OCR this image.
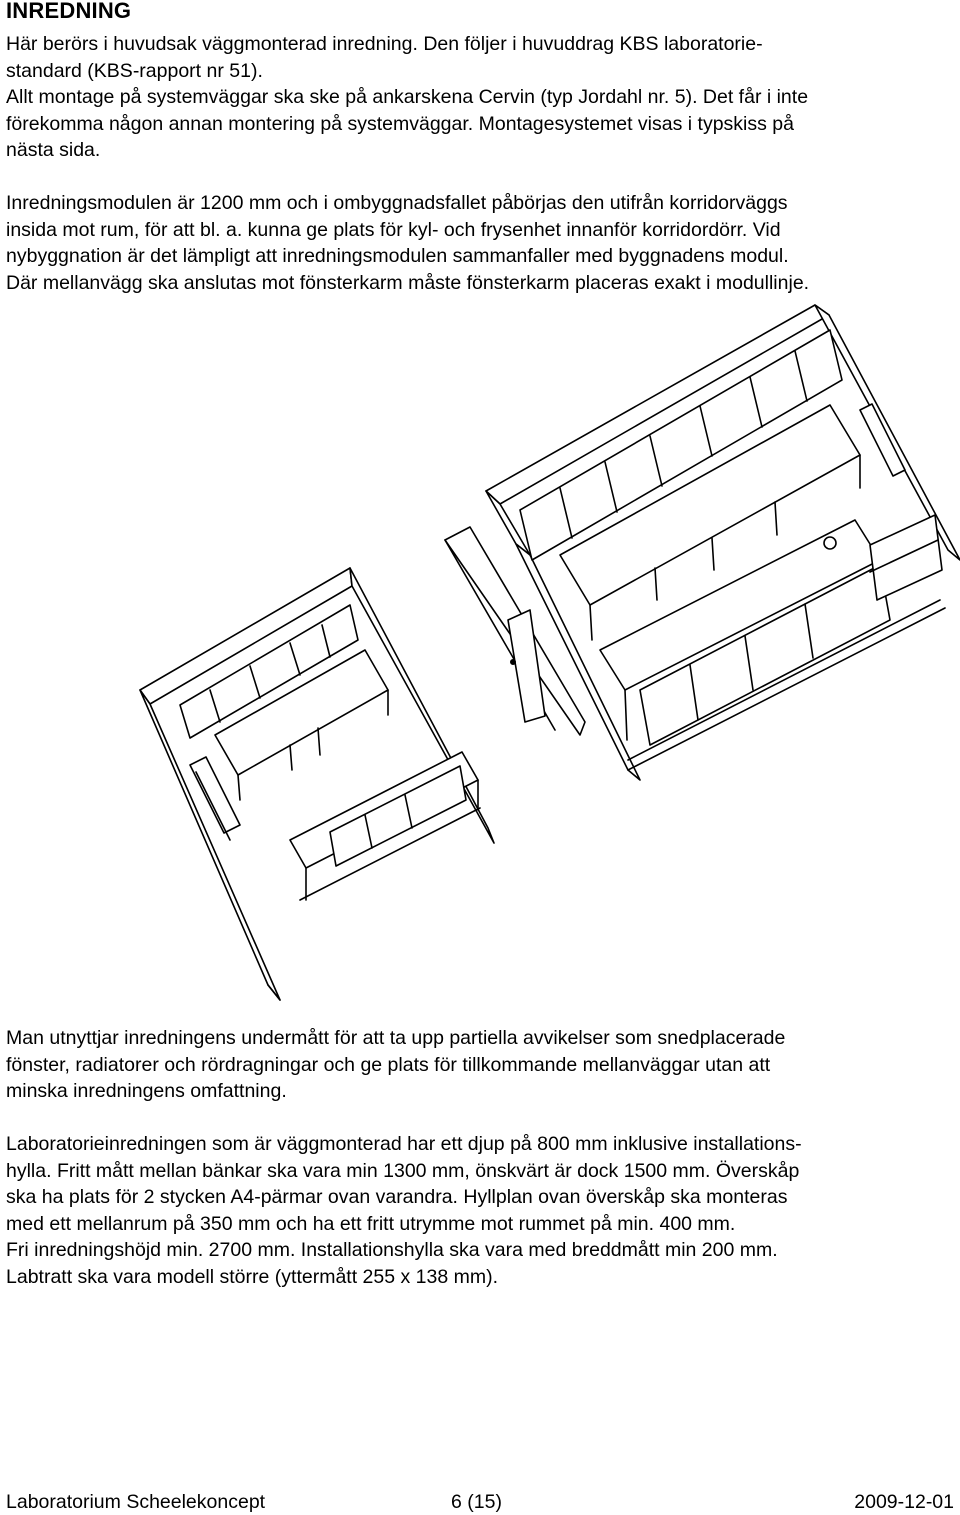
INREDNING

Här berörs i huvudsak väggmonterad inredning. Den följer i huvuddrag KBS laboratorie-
standard (KBS-rapport nr 51).
Allt montage på systemväggar ska ske på ankarskena Cervin (typ Jordahl nr. 5). Det får i inte
förekomma någon annan montering på systemväggar. Montagesystemet visas i typskiss på
nästa sida.

Inredningsmodulen är 1200 mm och i ombyggnadsfallet påbörjas den utifrån korridorväggs
insida mot rum, för att bl. a. kunna ge plats för kyl- och frysenhet innanför korridordörr. Vid
nybyggnation är det lämpligt att inredningsmodulen sammanfaller med byggnadens modul.
Där mellanvägg ska anslutas mot fönsterkarm måste fönsterkarm placeras exakt i modullinje.

Man utnyttjar inredningens undermått för att ta upp partiella avvikelser som snedplacerade
fönster, radiatorer och rördragningar och ge plats för tillkommande mellanväggar utan att
minska inredningens omfattning.

Laboratorieinredningen som är väggmonterad har ett djup på 800 mm inklusive installations-
hylla. Fritt mått mellan bänkar ska vara min 1300 mm, önskvärt är dock 1500 mm. Överskåp
ska ha plats för 2 stycken A4-pärmar ovan varandra. Hyllplan ovan överskåp ska monteras
med ett mellanrum på 350 mm och ha ett fritt utrymme mot rummet på min. 400 mm.
Fri inredningshöjd min. 2700 mm. Installationshylla ska vara med breddmått min 200 mm.
Labtratt ska vara modell större (yttermått 255 x 138 mm).

Laboratorium Scheelekoncept	6 (15)	2009-12-01
